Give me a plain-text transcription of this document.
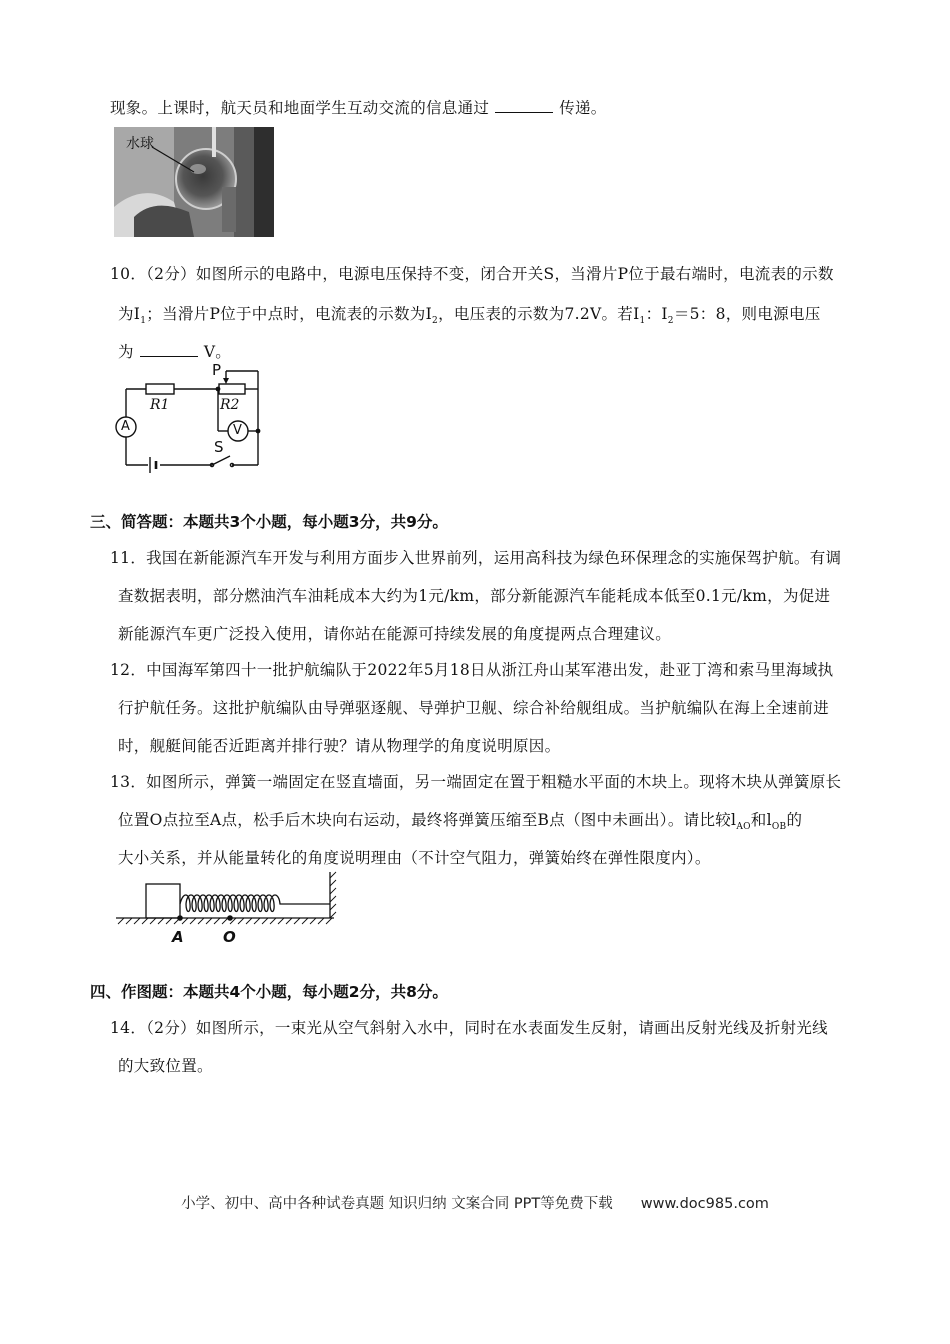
现象。上课时，航天员和地面学生互动交流的信息通过	传递。
水球
10．（2分）如图所示的电路中，电源电压保持不变，闭合开关S，当滑片P位于最右端时，电流表的示数
为$I_1$；当滑片P位于中点时，电流表的示数为$I_2$，电压表的示数为7.2V。若$I_1$：$I_2=5$：8，则电源电压
为	V。
P
R1	R2
A	V
S
三、简答题：本题共3个小题，每小题3分，共9分。
11．我国在新能源汽车开发与利用方面步入世界前列，运用高科技为绿色环保理念的实施保驾护航。有调
查数据表明，部分燃油汽车油耗成本大约为1元/km，部分新能源汽车能耗成本低至0.1元/km，为促进
新能源汽车更广泛投入使用，请你站在能源可持续发展的角度提两点合理建议。
12．中国海军第四十一批护航编队于2022年5月18日从浙江舟山某军港出发，赴亚丁湾和索马里海域执
行护航任务。这批护航编队由导弹驱逐舰、导弹护卫舰、综合补给舰组成。当护航编队在海上全速前进
时，舰艇间能否近距离并排行驶？请从物理学的角度说明原因。
13．如图所示，弹簧一端固定在竖直墙面，另一端固定在置于粗糙水平面的木块上。现将木块从弹簧原长
位置O点拉至A点，松手后木块向右运动，最终将弹簧压缩至B点（图中未画出）。请比较$l_{AO}$和$l_{OB}$的
大小关系，并从能量转化的角度说明理由（不计空气阻力，弹簧始终在弹性限度内）。
A	O
四、作图题：本题共4个小题，每小题2分，共8分。
14．（2分）如图所示，一束光从空气斜射入水中，同时在水表面发生反射，请画出反射光线及折射光线
的大致位置。
小学、初中、高中各种试卷真题 知识归纳 文案合同 PPT等免费下载 www.doc985.com
